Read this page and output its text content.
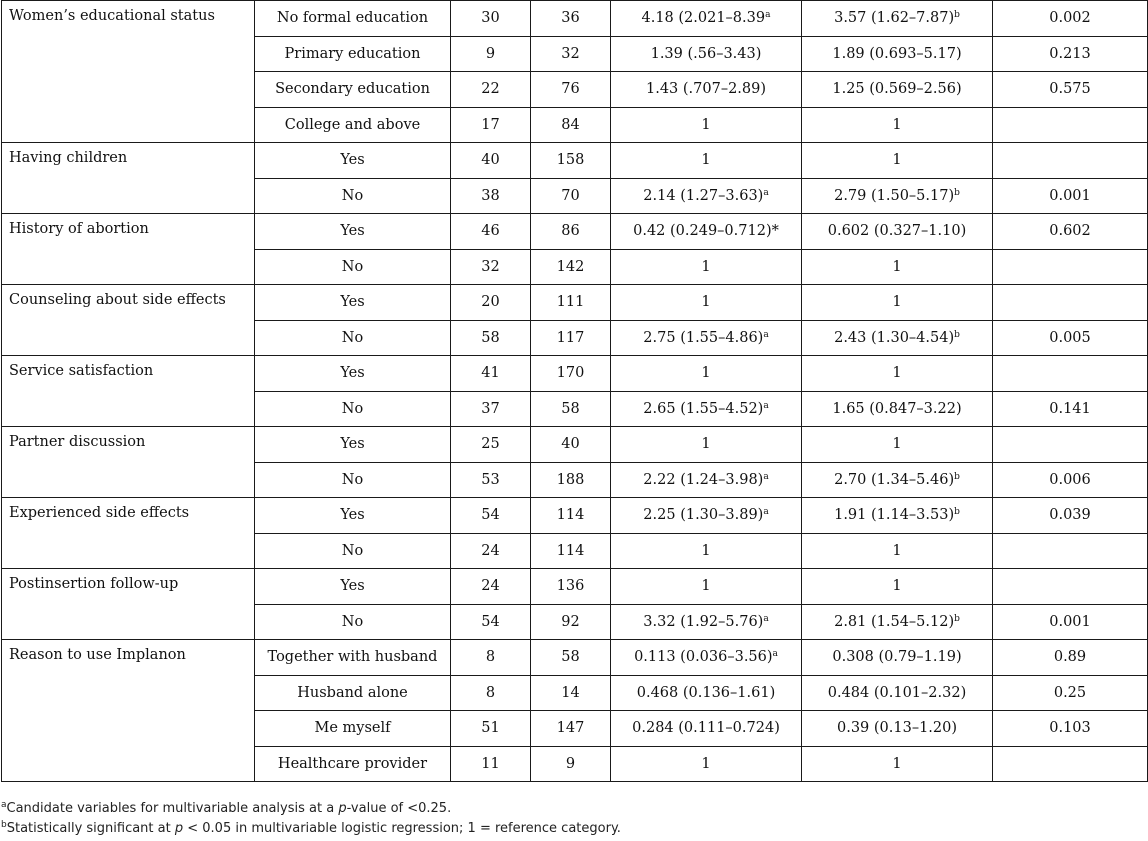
Women’s educational status	No formal education	30	36	4.18 (2.021–8.39$^a$	3.57 $(1.62-7.87)^b$	0.002
	Primary education	9	32	1.39 (.56–3.43)	1.89 (0.693–5.17)	0.213
	Secondary education	22	76	1.43 (.707–2.89)	1.25 (0.569–2.56)	0.575
	College and above	17	84	1	1	
Having children	Yes	40	158	1	1	
	No	38	70	2.14 $(1.27-3.63)^a$	2.79 $(1.50-5.17)^b$	0.001
History of abortion	Yes	46	86	0.42 (0.249–0.712)*	0.602 (0.327–1.10)	0.602
	No	32	142	1	1	
Counseling about side effects	Yes	20	111	1	1	
	No	58	117	2.75 $(1.55-4.86)^a$	2.43 $(1.30-4.54)^b$	0.005
Service satisfaction	Yes	41	170	1	1	
	No	37	58	2.65 $(1.55-4.52)^a$	1.65 (0.847–3.22)	0.141
Partner discussion	Yes	25	40	1	1	
	No	53	188	2.22 $(1.24-3.98)^a$	2.70 $(1.34-5.46)^b$	0.006
Experienced side effects	Yes	54	114	2.25 $(1.30-3.89)^a$	1.91 $(1.14-3.53)^b$	0.039
	No	24	114	1	1	
Postinsertion follow-up	Yes	24	136	1	1	
	No	54	92	3.32 $(1.92-5.76)^a$	2.81 $(1.54-5.12)^b$	0.001
Reason to use Implanon	Together with husband	8	58	0.113 $(0.036-3.56)^a$	0.308 (0.79–1.19)	0.89
	Husband alone	8	14	0.468 (0.136–1.61)	0.484 (0.101–2.32)	0.25
	Me myself	51	147	0.284 (0.111–0.724)	0.39 (0.13–1.20)	0.103
	Healthcare provider	11	9	1	1	
$^a$Candidate variables for multivariable analysis at a p-value of <0.25.
$^b$Statistically significant at p < 0.05 in multivariable logistic regression; 1 = reference category.
